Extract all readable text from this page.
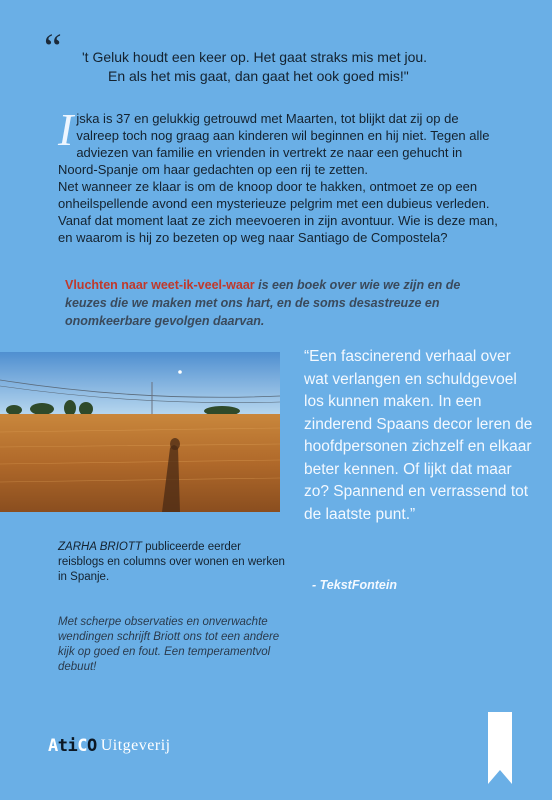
“ 't Geluk houdt een keer op. Het gaat straks mis met jou.
En als het mis gaat, dan gaat het ook goed mis!"
I jska is 37 en gelukkig getrouwd met Maarten, tot blijkt dat zij op de valreep toch nog graag aan kinderen wil beginnen en hij niet. Tegen alle adviezen van familie en vrienden in vertrekt ze naar een gehucht in Noord-Spanje om haar gedachten op een rij te zetten.

Net wanneer ze klaar is om de knoop door te hakken, ontmoet ze op een onheilspellende avond een mysterieuze pelgrim met een dubieus verleden. Vanaf dat moment laat ze zich meevoeren in zijn avontuur. Wie is deze man, en waarom is hij zo bezeten op weg naar Santiago de Compostela?

Vluchten naar weet-ik-veel-waar is een boek over wie we zijn en de keuzes die we maken met ons hart, en de soms desastreuze en onomkeerbare gevolgen daarvan.
“Een fascinerend verhaal over wat verlangen en schuldgevoel los kunnen maken. In een zinderend Spaans decor leren de hoofdpersonen zichzelf en elkaar beter kennen. Of lijkt dat maar zo? Spannend en verrassend tot de laatste punt.”
- TekstFontein
ZARHA BRIOTT publiceerde eerder reisblogs en columns over wonen en werken in Spanje.
Met scherpe observaties en onverwachte wendingen schrijft Briott ons tot een andere kijk op goed en fout. Een temperamentvol debuut!
AtiCO Uitgeverij
